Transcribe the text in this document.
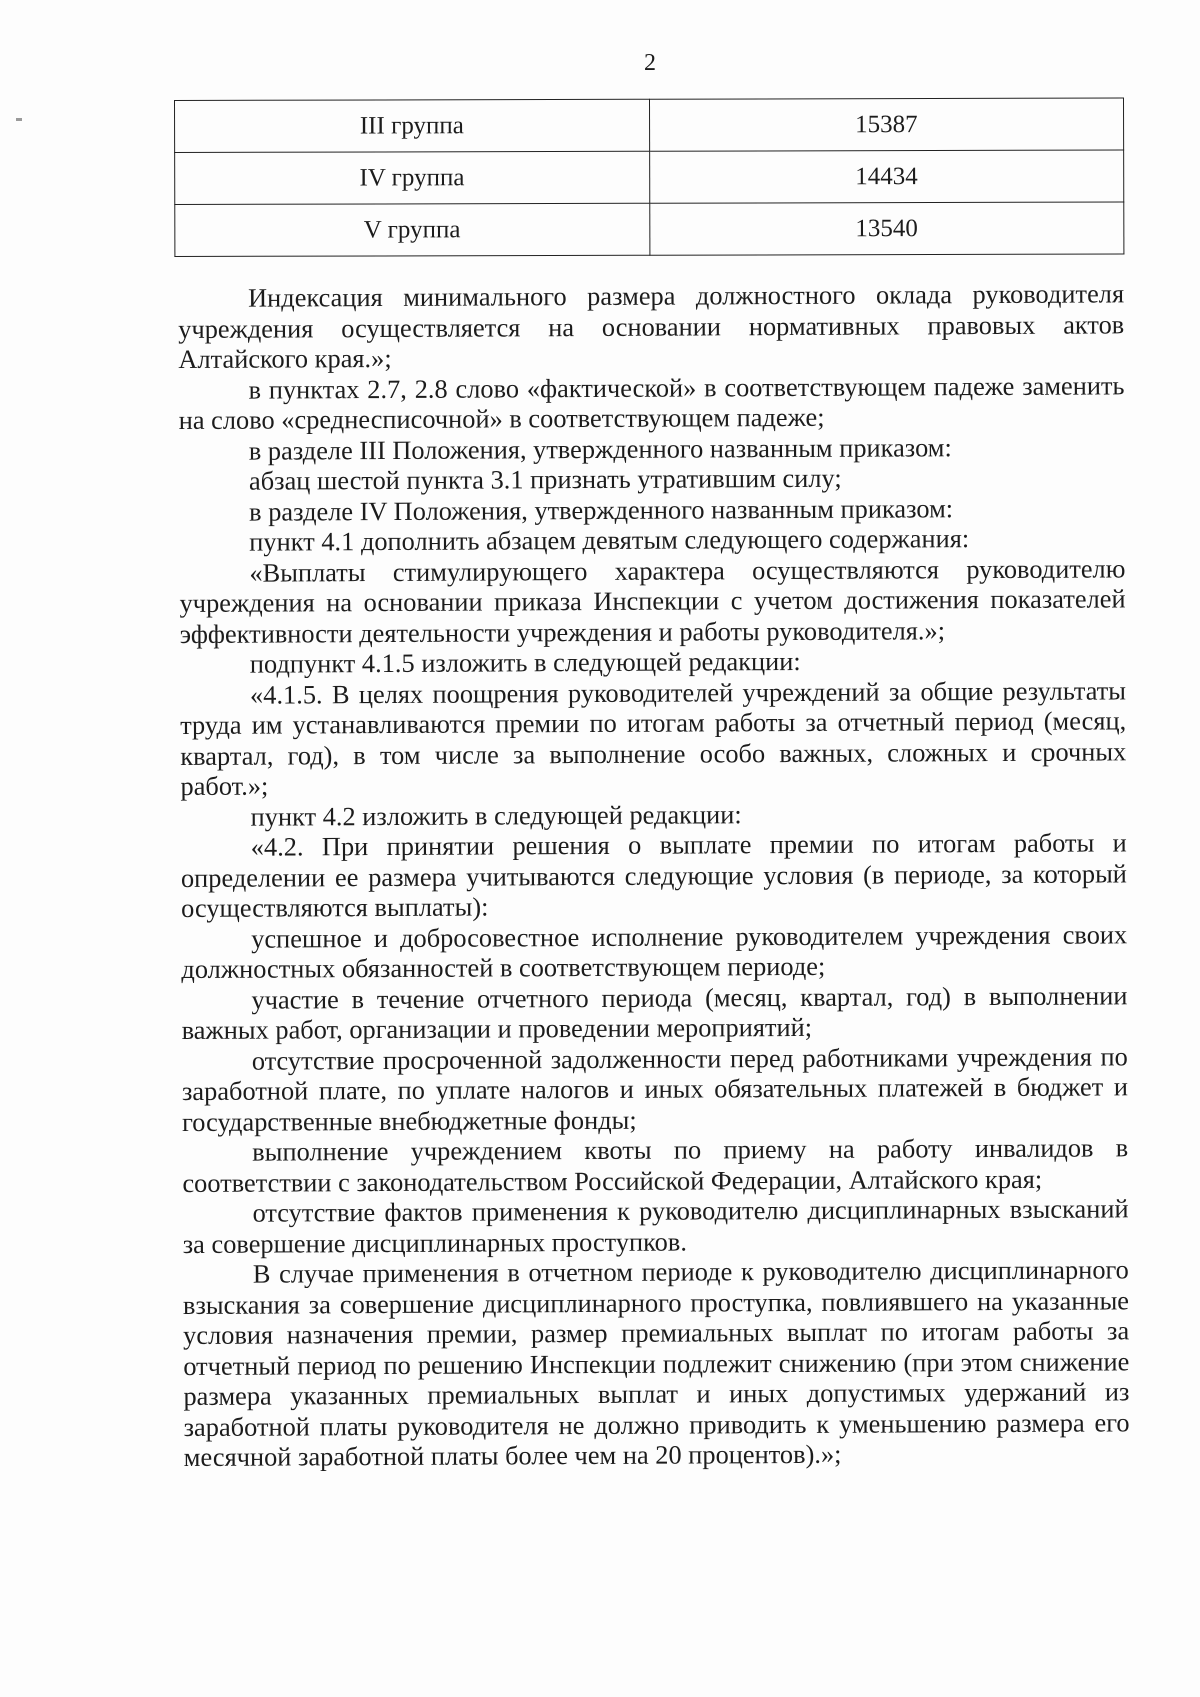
2
III группа	15387
IV группа	14434
V группа	13540

Индексация минимального размера должностного оклада руководителя учреждения осуществляется на основании нормативных правовых актов Алтайского края.»;

в пунктах 2.7, 2.8 слово «фактической» в соответствующем падеже заменить на слово «среднесписочной» в соответствующем падеже;

в разделе III Положения, утвержденного названным приказом:

абзац шестой пункта 3.1 признать утратившим силу;

в разделе IV Положения, утвержденного названным приказом:

пункт 4.1 дополнить абзацем девятым следующего содержания:

«Выплаты стимулирующего характера осуществляются руководителю учреждения на основании приказа Инспекции с учетом достижения показателей эффективности деятельности учреждения и работы руководителя.»;

подпункт 4.1.5 изложить в следующей редакции:

«4.1.5. В целях поощрения руководителей учреждений за общие результаты труда им устанавливаются премии по итогам работы за отчетный период (месяц, квартал, год), в том числе за выполнение особо важных, сложных и срочных работ.»;

пункт 4.2 изложить в следующей редакции:

«4.2. При принятии решения о выплате премии по итогам работы и определении ее размера учитываются следующие условия (в периоде, за который осуществляются выплаты):

успешное и добросовестное исполнение руководителем учреждения своих должностных обязанностей в соответствующем периоде;

участие в течение отчетного периода (месяц, квартал, год) в выполнении важных работ, организации и проведении мероприятий;

отсутствие просроченной задолженности перед работниками учреждения по заработной плате, по уплате налогов и иных обязательных платежей в бюджет и государственные внебюджетные фонды;

выполнение учреждением квоты по приему на работу инвалидов в соответствии с законодательством Российской Федерации, Алтайского края;

отсутствие фактов применения к руководителю дисциплинарных взысканий за совершение дисциплинарных проступков.

В случае применения в отчетном периоде к руководителю дисциплинарного взыскания за совершение дисциплинарного проступка, повлиявшего на указанные условия назначения премии, размер премиальных выплат по итогам работы за отчетный период по решению Инспекции подлежит снижению (при этом снижение размера указанных премиальных выплат и иных допустимых удержаний из заработной платы руководителя не должно приводить к уменьшению размера его месячной заработной платы более чем на 20 процентов).»;
